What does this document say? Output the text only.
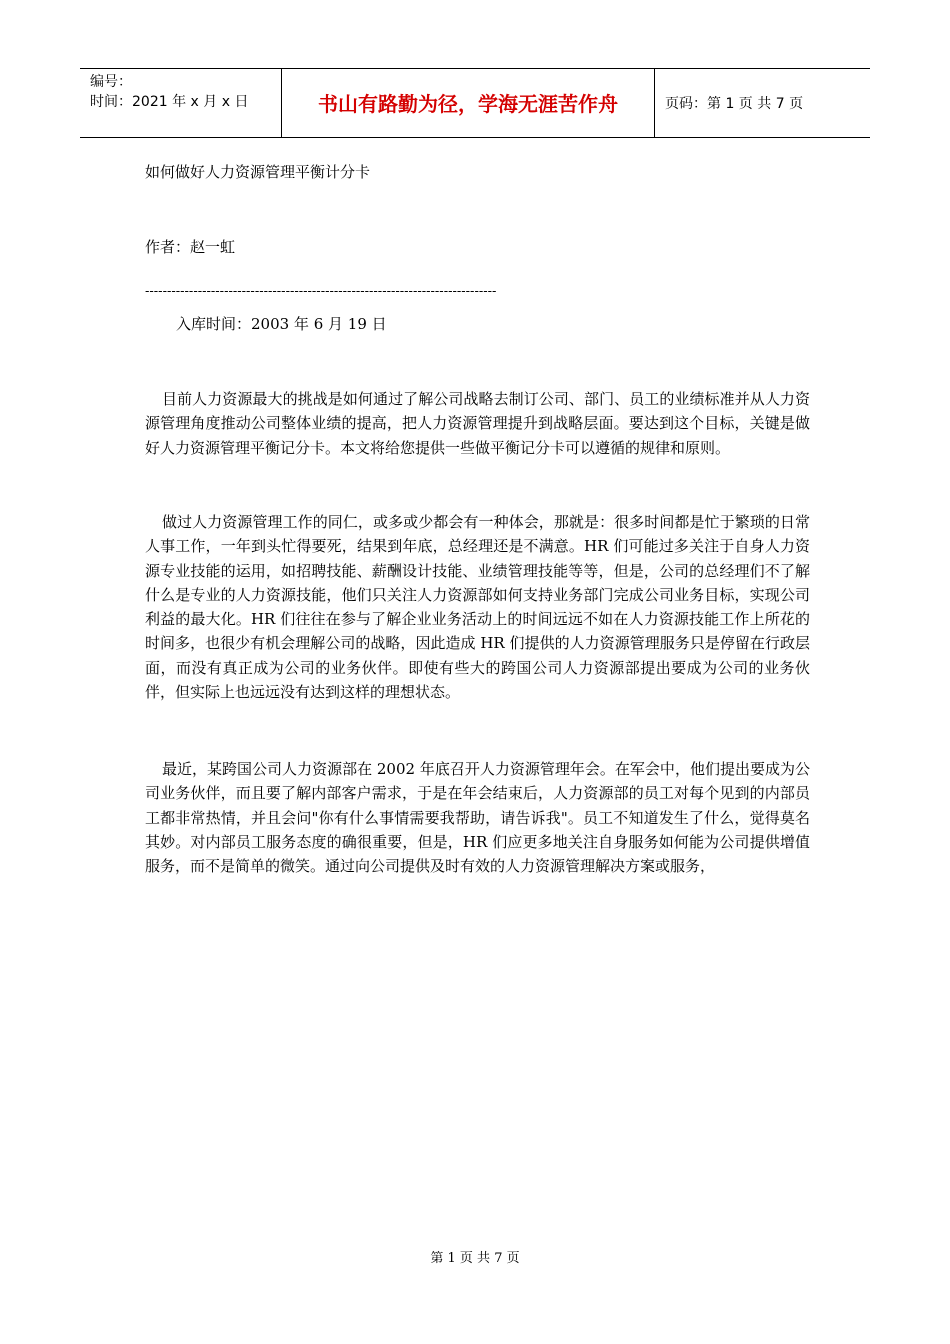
编号：
时间：2021 年 x 月 x 日	书山有路勤为径，学海无涯苦作舟	页码：第 1 页 共 7 页
如何做好人力资源管理平衡计分卡
作者：赵一虹
--------------------------------------------------------------------------------
入库时间：2003 年 6 月 19 日

目前人力资源最大的挑战是如何通过了解公司战略去制订公司、部门、员工的业绩标准并从人力资源管理角度推动公司整体业绩的提高，把人力资源管理提升到战略层面。要达到这个目标，关键是做好人力资源管理平衡记分卡。本文将给您提供一些做平衡记分卡可以遵循的规律和原则。

做过人力资源管理工作的同仁，或多或少都会有一种体会，那就是：很多时间都是忙于繁琐的日常人事工作，一年到头忙得要死，结果到年底，总经理还是不满意。HR 们可能过多关注于自身人力资源专业技能的运用，如招聘技能、薪酬设计技能、业绩管理技能等等，但是，公司的总经理们不了解什么是专业的人力资源技能，他们只关注人力资源部如何支持业务部门完成公司业务目标，实现公司利益的最大化。HR 们往往在参与了解企业业务活动上的时间远远不如在人力资源技能工作上所花的时间多，也很少有机会理解公司的战略，因此造成 HR 们提供的人力资源管理服务只是停留在行政层面，而没有真正成为公司的业务伙伴。即使有些大的跨国公司人力资源部提出要成为公司的业务伙伴，但实际上也远远没有达到这样的理想状态。

最近，某跨国公司人力资源部在 2002 年底召开人力资源管理年会。在军会中，他们提出要成为公司业务伙伴，而且要了解内部客户需求，于是在年会结束后，人力资源部的员工对每个见到的内部员工都非常热情，并且会问"你有什么事情需要我帮助，请告诉我"。员工不知道发生了什么，觉得莫名其妙。对内部员工服务态度的确很重要，但是，HR 们应更多地关注自身服务如何能为公司提供增值服务，而不是简单的微笑。通过向公司提供及时有效的人力资源管理解决方案或服务，

第 1 页 共 7 页
